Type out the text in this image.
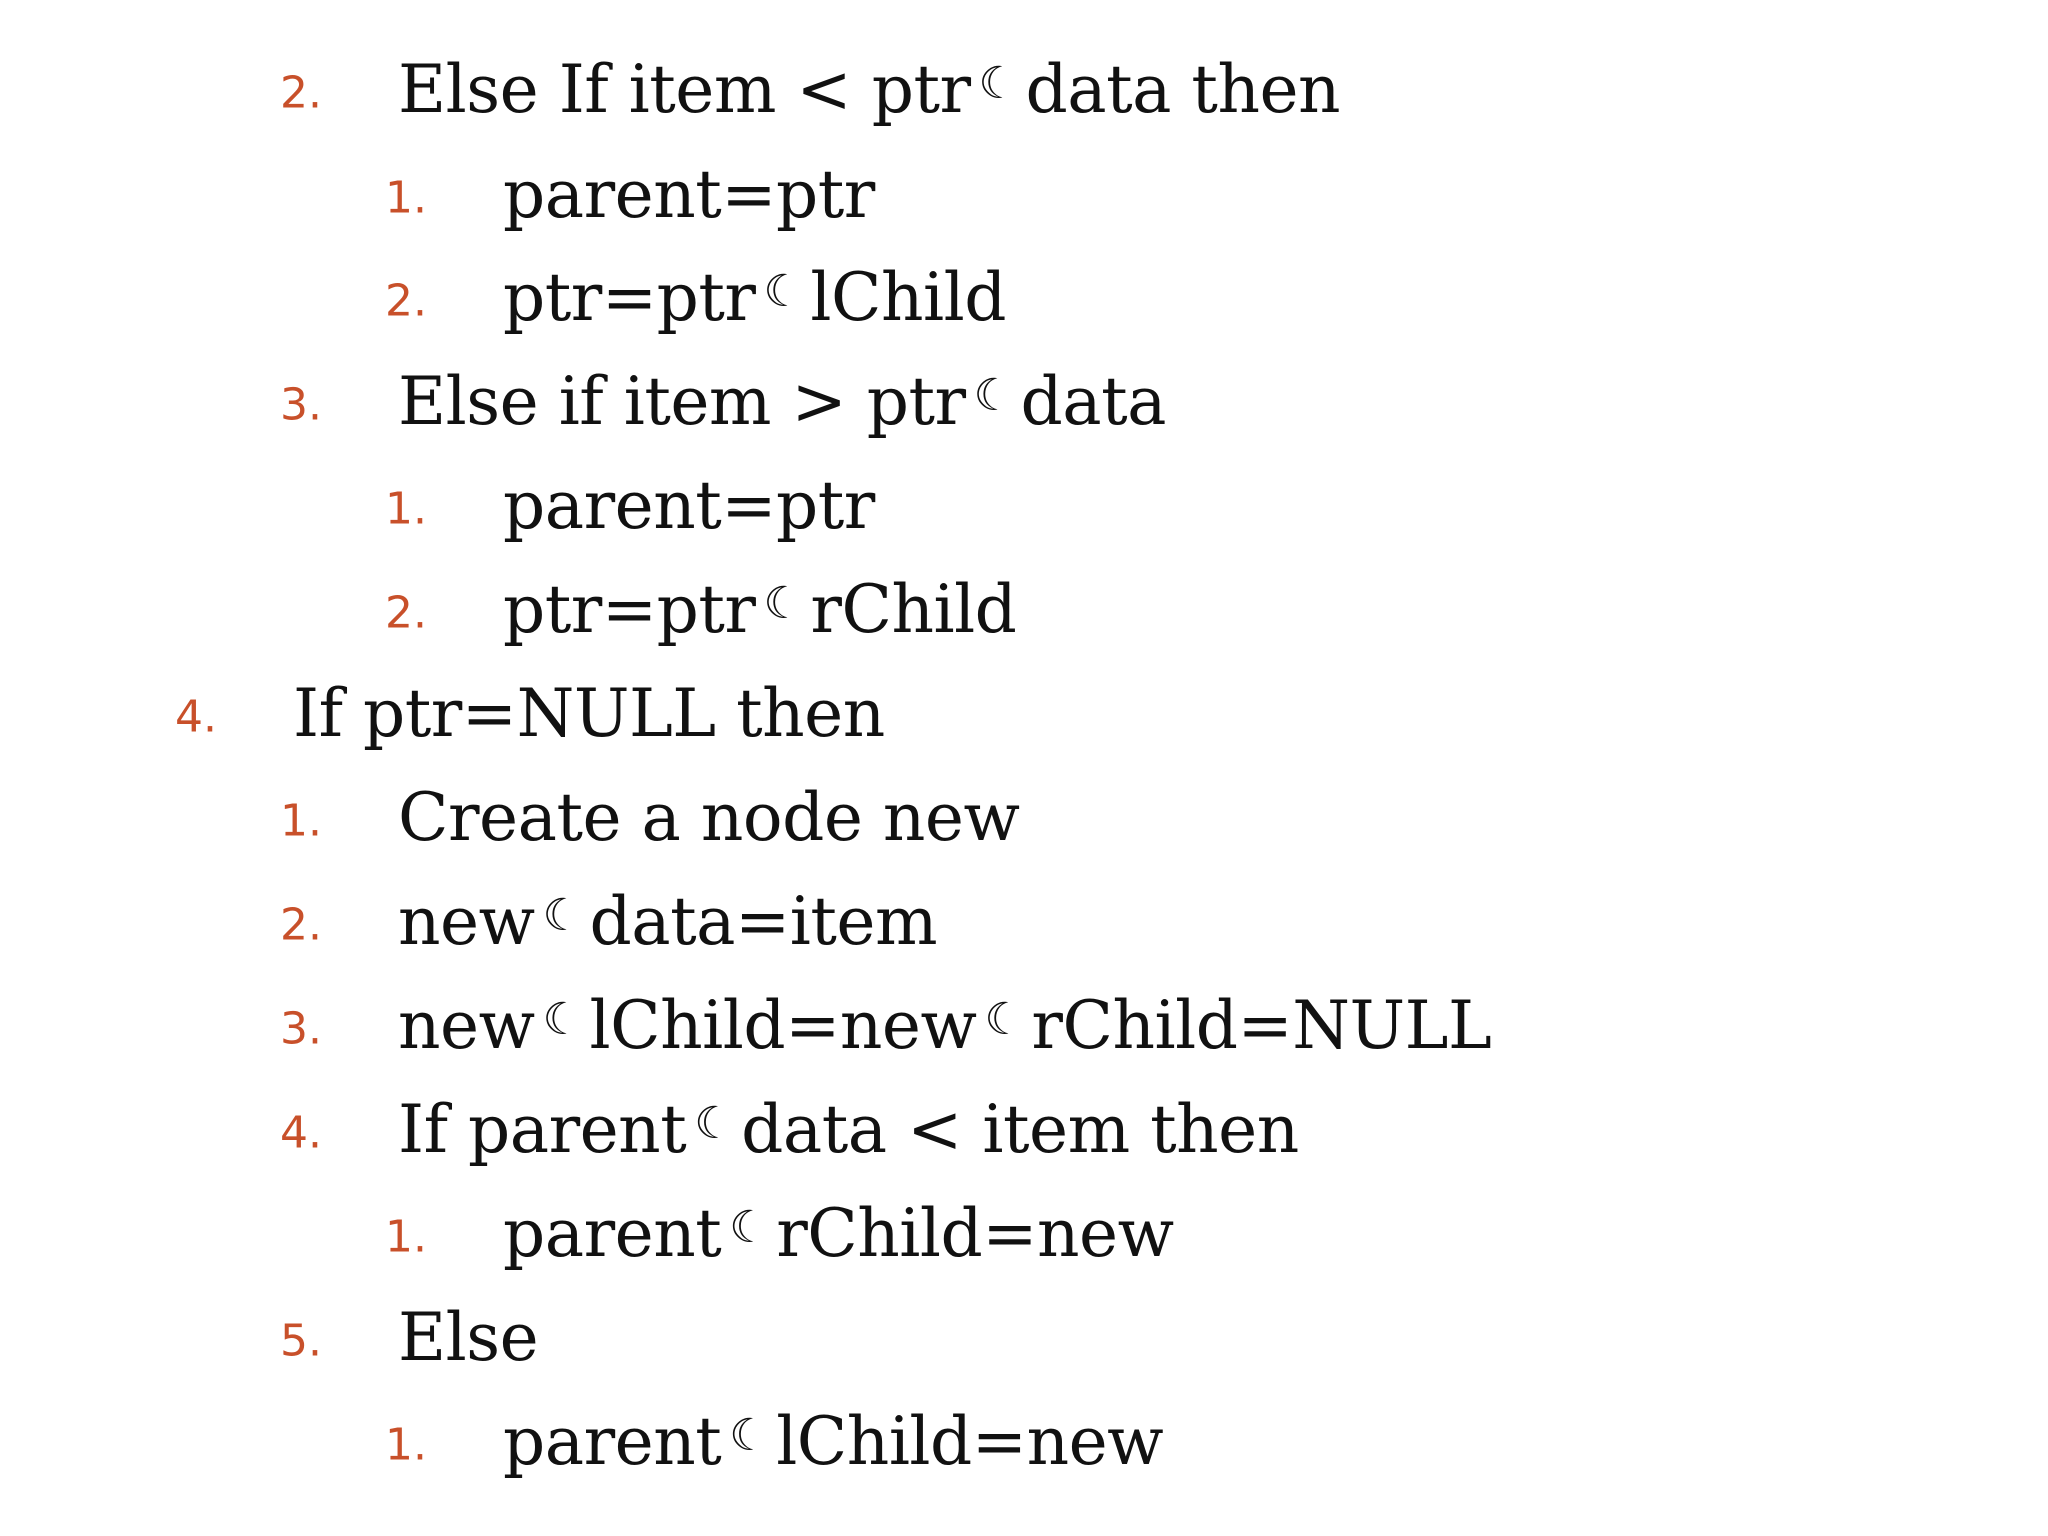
2. Else If item < ptr ☾ data then
1. parent=ptr
2. ptr=ptr ☾ lChild
3. Else if item > ptr ☾ data
1. parent=ptr
2. ptr=ptr ☾ rChild
4. If ptr=NULL then
1. Create a node new
2. new ☾ data=item
3. new ☾ lChild=new ☾ rChild=NULL
4. If parent ☾ data < item then
1. parent ☾ rChild=new
5. Else
1. parent ☾ lChild=new
